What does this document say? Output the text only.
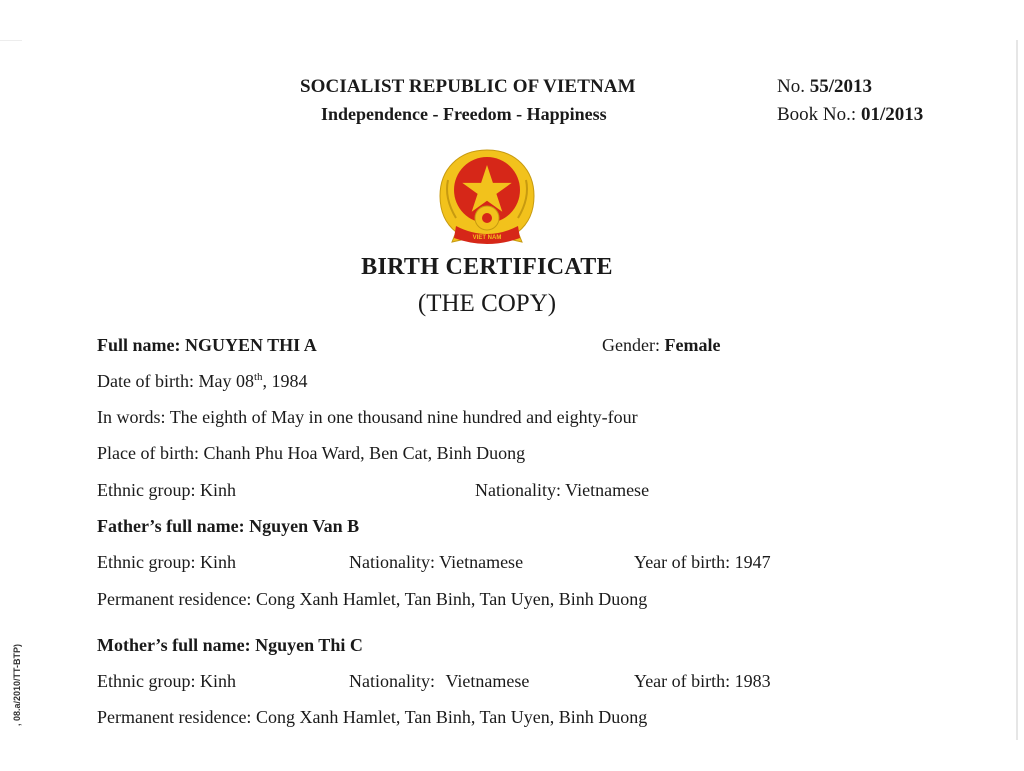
SOCIALIST REPUBLIC OF VIETNAM
Independence - Freedom - Happiness
No. 55/2013
Book No.: 01/2013
VIET NAM
BIRTH CERTIFICATE
(THE COPY)
Full name: NGUYEN THI A	Gender: Female
Date of birth: May 08th, 1984
In words: The eighth of May in one thousand nine hundred and eighty-four
Place of birth: Chanh Phu Hoa Ward, Ben Cat, Binh Duong
Ethnic group: Kinh	Nationality: Vietnamese
Father’s full name: Nguyen Van B
Ethnic group: Kinh	Nationality: Vietnamese	Year of birth: 1947
Permanent residence: Cong Xanh Hamlet, Tan Binh, Tan Uyen, Binh Duong
Mother’s full name: Nguyen Thi C
Ethnic group: Kinh	Nationality: Vietnamese	Year of birth: 1983
Permanent residence: Cong Xanh Hamlet, Tan Binh, Tan Uyen, Binh Duong
, 08.a/2010/TT-BTP)
